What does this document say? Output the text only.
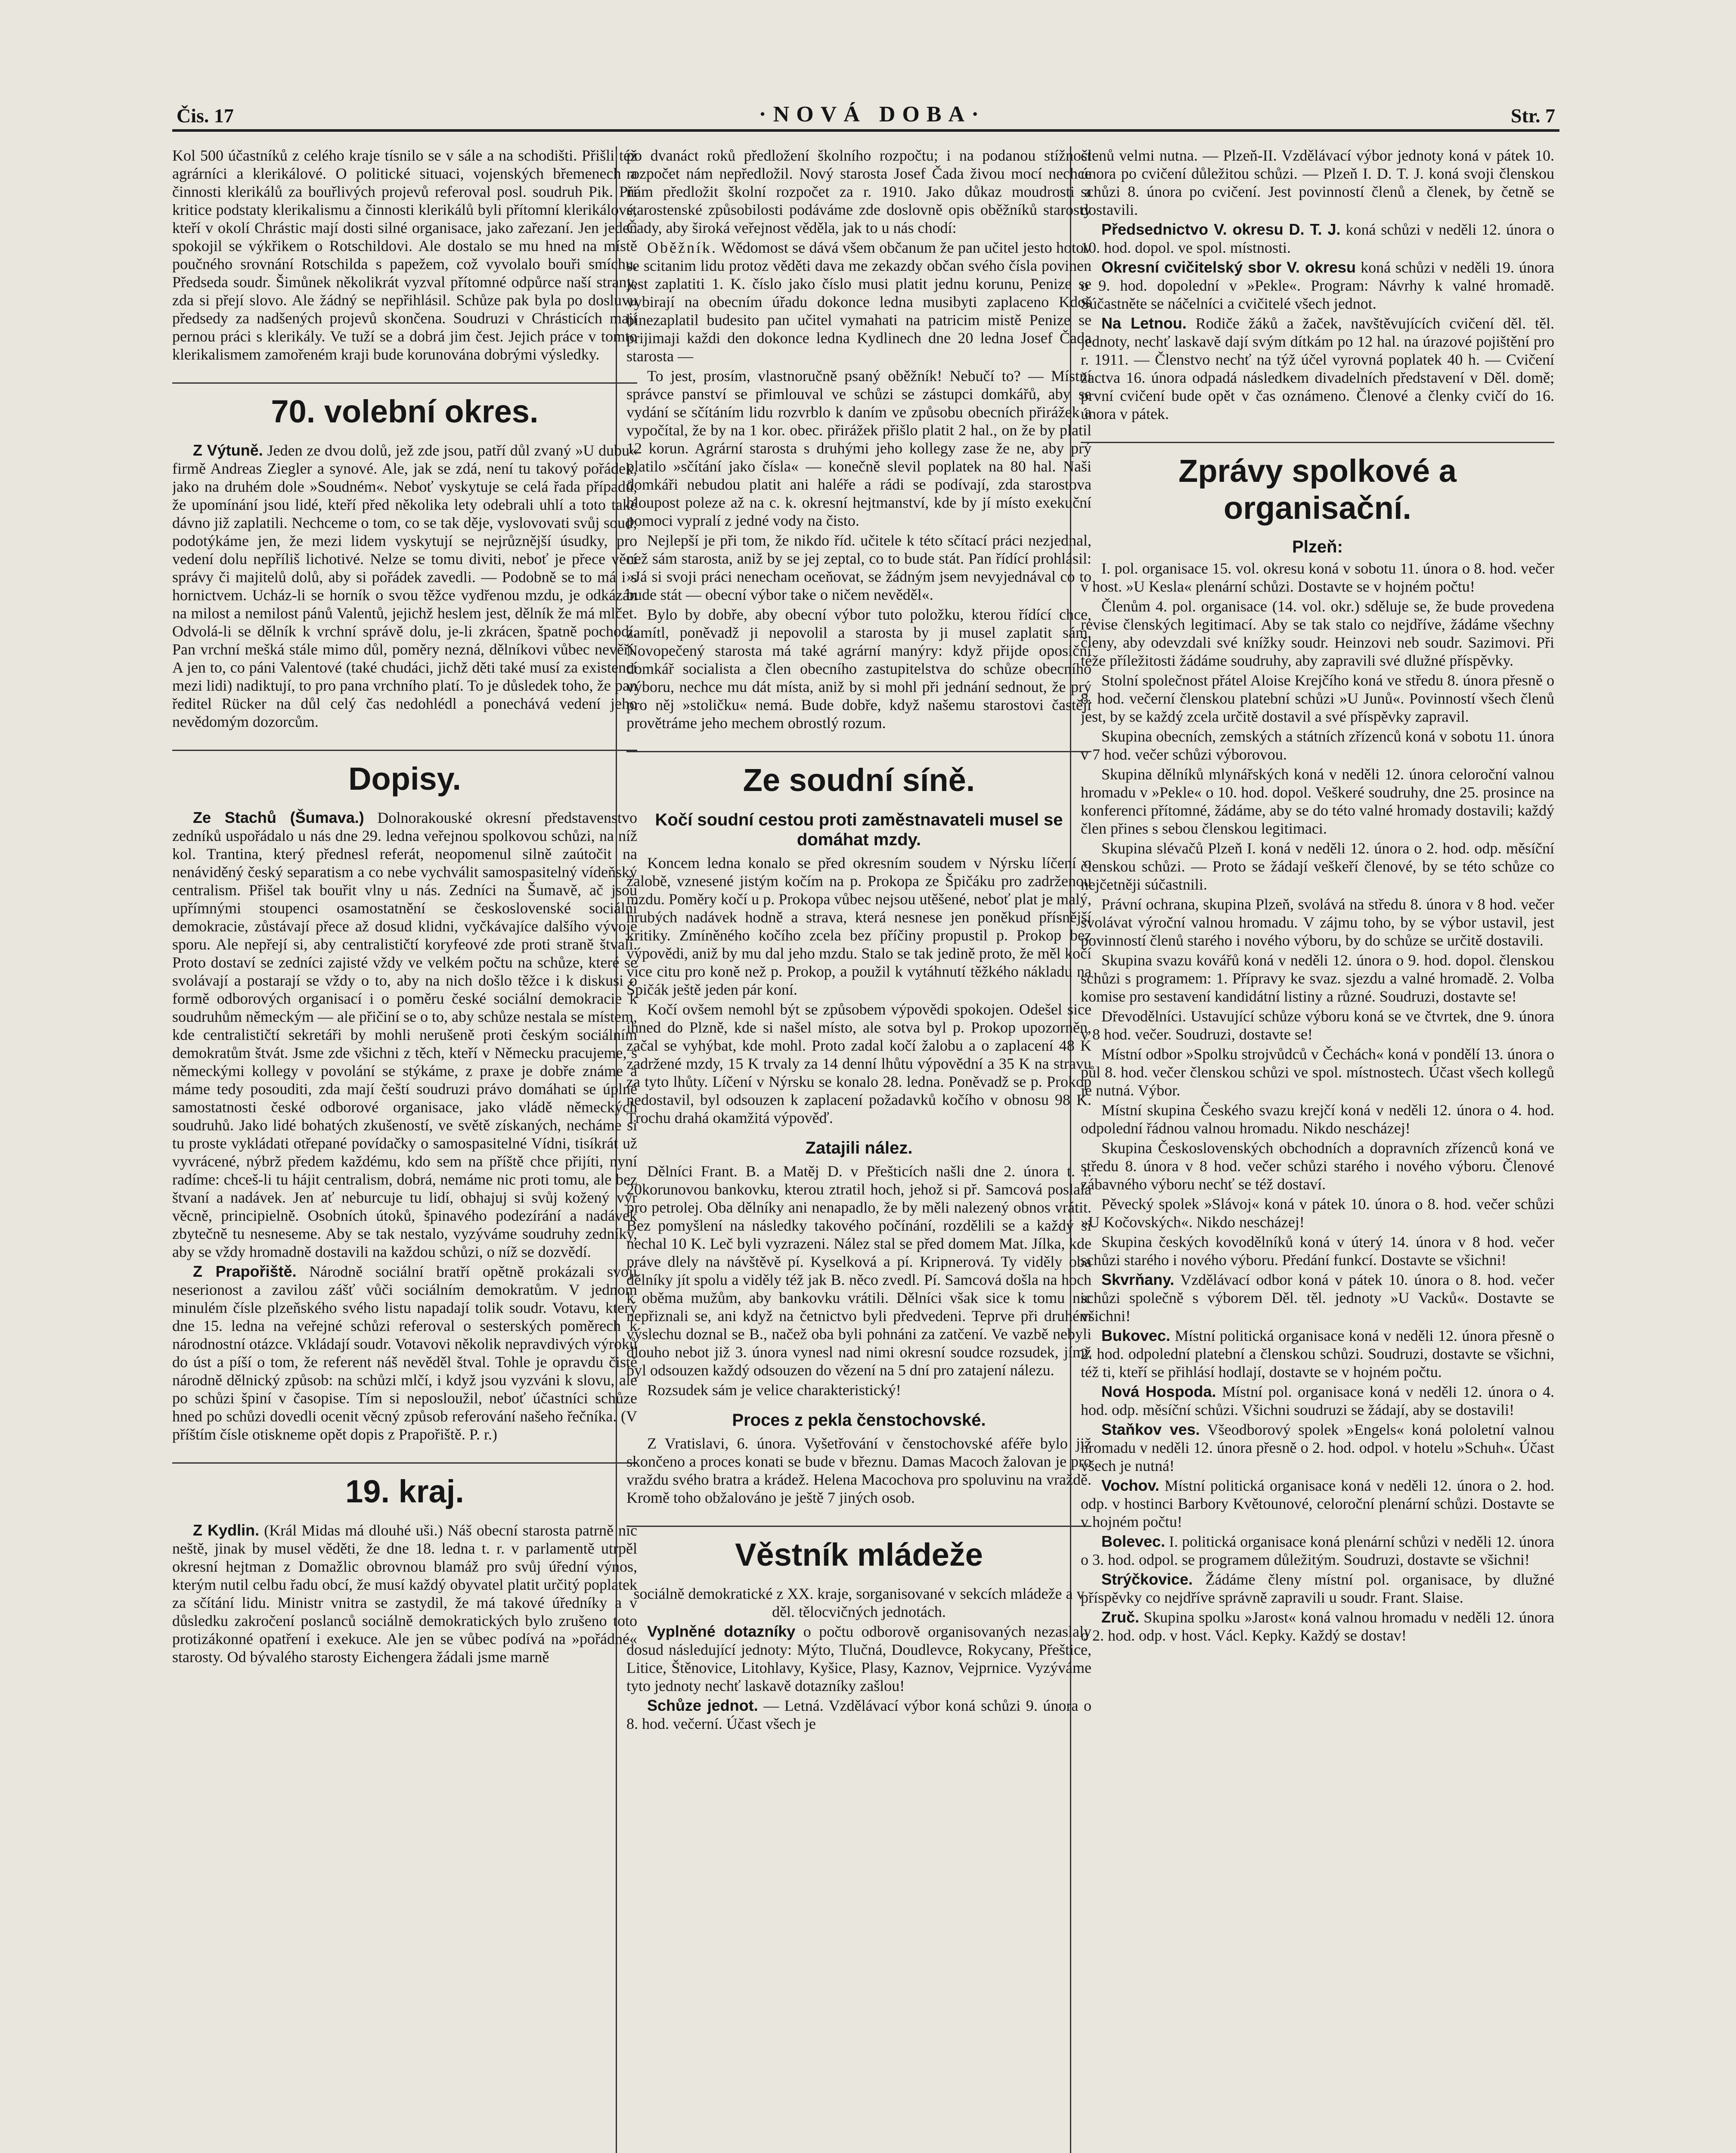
Čis. 17	·NOVÁ DOBA·	Str. 7

Kol 500 účastníků z celého kraje tísnilo se v sále a na schodišti. Přišli též agrárníci a klerikálové. O politické situaci, vojenských břemenech a činnosti klerikálů za bouřlivých projevů referoval posl. soudruh Pik. Při kritice podstaty klerikalismu a činnosti klerikálů byli přítomní klerikálové, kteří v okolí Chrástic mají dosti silné organisace, jako zařezaní. Jen jeden spokojil se výkřikem o Rotschildovi. Ale dostalo se mu hned na místě poučného srovnání Rotschilda s papežem, což vyvolalo bouři smíchu. Předseda soudr. Šimůnek několikrát vyzval přítomné odpůrce naší strany, zda si přejí slovo. Ale žádný se nepřihlásil. Schůze pak byla po dosluvu předsedy za nadšených projevů skončena. Soudruzi v Chrásticích mají pernou práci s klerikály. Ve tuží se a dobrá jim čest. Jejich práce v tomto klerikalismem zamořeném kraji bude korunována dobrými výsledky.

70. volební okres.

Z Výtuně. Jeden ze dvou dolů, jež zde jsou, patří důl zvaný »U dubu« firmě Andreas Ziegler a synové. Ale, jak se zdá, není tu takový pořádek, jako na druhém dole »Soudném«. Neboť vyskytuje se celá řada případů, že upomínání jsou lidé, kteří před několika lety odebrali uhlí a toto také dávno již zaplatili. Nechceme o tom, co se tak děje, vyslovovati svůj soud; podotýkáme jen, že mezi lidem vyskytují se nejrůznější úsudky, pro vedení dolu nepříliš lichotivé. Nelze se tomu diviti, neboť je přece věcí správy či majitelů dolů, aby si pořádek zavedli. — Podobně se to má i s hornictvem. Ucház-li se horník o svou těžce vydřenou mzdu, je odkázán na milost a nemilost pánů Valentů, jejichž heslem jest, dělník že má mlčet. Odvolá-li se dělník k vrchní správě dolu, je-li zkrácen, špatně pochodí. Pan vrchní mešká stále mimo důl, poměry nezná, dělníkovi vůbec nevěří. A jen to, co páni Valentové (také chudáci, jichž děti také musí za existencí mezi lidi) nadiktují, to pro pana vrchního platí. To je důsledek toho, že pan ředitel Rücker na důl celý čas nedohlédl a ponechává vedení jeho nevědomým dozorcům.

Dopisy.

Ze Stachů (Šumava.) Dolnorakouské okresní představenstvo zedníků uspořádalo u nás dne 29. ledna veřejnou spolkovou schůzi, na níž kol. Trantina, který přednesl referát, neopomenul silně zaútočit na nenáviděný český separatism a co nebe vychválit samospasitelný vídeňský centralism. Přišel tak bouřit vlny u nás. Zedníci na Šumavě, ač jsou upřímnými stoupenci osamostatnění se československé sociální demokracie, zůstávají přece až dosud klidni, vyčkávajíce dalšího vývoje sporu. Ale nepřejí si, aby centralističtí koryfeové zde proti straně štvali. Proto dostaví se zedníci zajisté vždy ve velkém počtu na schůze, které se svolávají a postarají se vždy o to, aby na nich došlo těžce i k diskusi o formě odborových organisací i o poměru české sociální demokracie k soudruhům německým — ale přičiní se o to, aby schůze nestala se místem, kde centralističtí sekretáři by mohli nerušeně proti českým sociálním demokratům štvát. Jsme zde všichni z těch, kteří v Německu pracujeme, s německými kollegy v povolání se stýkáme, z praxe je dobře známe a máme tedy posouditi, zda mají čeští soudruzi právo domáhati se úplné samostatnosti české odborové organisace, jako vládě německých soudruhů. Jako lidé bohatých zkušeností, ve světě získaných, necháme si tu proste vykládati otřepané povídačky o samospasitelné Vídni, tisíkrát už vyvrácené, nýbrž předem každému, kdo sem na příště chce přijíti, nyní radíme: chceš-li tu hájit centralism, dobrá, nemáme nic proti tomu, ale bez štvaní a nadávek. Jen ať neburcuje tu lidí, obhajuj si svůj kožený výr věcně, principielně. Osobních útoků, špinavého podezírání a nadávek zbytečně tu nesneseme. Aby se tak nestalo, vyzýváme soudruhy zedníky, aby se vždy hromadně dostavili na každou schůzi, o níž se dozvědí.

Z Prapořiště. Národně sociální bratří opětně prokázali svoji neserionost a zavilou zášť vůči sociálním demokratům. V jednom minulém čísle plzeňského svého listu napadají tolik soudr. Votavu, který dne 15. ledna na veřejné schůzi referoval o sesterských poměrech k národnostní otázce. Vkládají soudr. Votavovi několik nepravdivých výroků do úst a píší o tom, že referent náš nevěděl štval. Tohle je opravdu čistě národně dělnický způsob: na schůzi mlčí, i když jsou vyzváni k slovu, ale po schůzi špiní v časopise. Tím si neposloužil, neboť účastníci schůze hned po schůzi dovedli ocenit věcný způsob referování našeho řečníka. (V příštím čísle otiskneme opět dopis z Prapořiště. P. r.)

19. kraj.

Z Kydlin. (Král Midas má dlouhé uši.) Náš obecní starosta patrně nic neště, jinak by musel věděti, že dne 18. ledna t. r. v parlamentě utrpěl okresní hejtman z Domažlic obrovnou blamáž pro svůj úřední výnos, kterým nutil celbu řadu obcí, že musí každý obyvatel platit určitý poplatek za sčítání lidu. Ministr vnitra se zastydil, že má takové úředníky a v důsledku zakročení poslanců sociálně demokratických bylo zrušeno toto protizákonné opatření i exekuce. Ale jen se vůbec podívá na »pořádné« starosty. Od bývalého starosty Eichengera žádali jsme marně

po dvanáct roků předložení školního rozpočtu; i na podanou stížnost rozpočet nám nepředložil. Nový starosta Josef Čada živou mocí nechce nám předložit školní rozpočet za r. 1910. Jako důkaz moudrosti a starostenské způsobilosti podáváme zde doslovně opis oběžníků starosty Čady, aby široká veřejnost věděla, jak to u nás chodí:

Oběžník. Wědomost se dává všem občanum že pan učitel jesto hotov se scitanim lidu protoz věděti dava me zekazdy občan svého čísla povinen jest zaplatiti 1. K. číslo jako číslo musi platit jednu korunu, Penize se vybirají na obecním úřadu dokonce ledna musibyti zaplaceno Kdoš binezaplatil budesito pan učitel vymahati na patricim mistě Penize se prijimaji každi den dokonce ledna Kydlinech dne 20 ledna Josef Čada starosta —

To jest, prosím, vlastnoručně psaný oběžník! Nebučí to? — Místní správce panství se přimlouval ve schůzi se zástupci domkářů, aby se vydání se sčítáním lidu rozvrblo k daním ve způsobu obecních přirážek a vypočítal, že by na 1 kor. obec. přirážek přišlo platit 2 hal., on že by platil 12 korun. Agrární starosta s druhými jeho kollegy zase že ne, aby prý platilo »sčítání jako čísla« — konečně slevil poplatek na 80 hal. Naši domkáři nebudou platit ani haléře a rádi se podívají, zda starostova bloupost poleze až na c. k. okresní hejtmanství, kde by jí místo exekuční pomoci vypralí z jedné vody na čisto.

Nejlepší je při tom, že nikdo říd. učitele k této sčítací práci nezjednal, než sám starosta, aniž by se jej zeptal, co to bude stát. Pan řídící prohlásil: »Já si svoji práci nenecham oceňovat, se žádným jsem nevyjednával co to bude stát — obecní výbor take o ničem nevěděl«.

Bylo by dobře, aby obecní výbor tuto položku, kterou řídící chce, zamítl, poněvadž ji nepovolil a starosta by ji musel zaplatit sám. Novopečený starosta má také agrární manýry: když přijde oposiční domkář socialista a člen obecního zastupitelstva do schůze obecního výboru, nechce mu dát místa, aniž by si mohl při jednání sednout, že prý pro něj »stoličku« nemá. Bude dobře, když našemu starostovi častěji provětráme jeho mechem obrostlý rozum.

Ze soudní síně.
Kočí soudní cestou proti zaměstnavateli musel se domáhat mzdy.

Koncem ledna konalo se před okresním soudem v Nýrsku líčení o žalobě, vznesené jistým kočím na p. Prokopa ze Špičáku pro zadrženou mzdu. Poměry kočí u p. Prokopa vůbec nejsou utěšené, neboť plat je malý, hrubých nadávek hodně a strava, která nesnese jen poněkud přísnější kritiky. Zmíněného kočího zcela bez příčiny propustil p. Prokop bez výpovědi, aniž by mu dal jeho mzdu. Stalo se tak jedině proto, že měl kočí více citu pro koně než p. Prokop, a použil k vytáhnutí těžkého nákladu na Špičák ještě jeden pár koní.

Kočí ovšem nemohl být se způsobem výpovědi spokojen. Odešel sice ihned do Plzně, kde si našel místo, ale sotva byl p. Prokop upozorněn, začal se vyhýbat, kde mohl. Proto zadal kočí žalobu a o zaplacení 48 K zadržené mzdy, 15 K trvaly za 14 denní lhůtu výpovědní a 35 K na stravu za tyto lhůty. Líčení v Nýrsku se konalo 28. ledna. Poněvadž se p. Prokop nedostavil, byl odsouzen k zaplacení požadavků kočího v obnosu 98 K. Trochu drahá okamžitá výpověď.

Zatajili nález.

Dělníci Frant. B. a Matěj D. v Přešticích našli dne 2. února t. r. 20korunovou bankovku, kterou ztratil hoch, jehož si př. Samcová poslala pro petrolej. Oba dělníky ani nenapadlo, že by měli nalezený obnos vrátit. Bez pomyšlení na následky takového počínání, rozdělili se a každý si nechal 10 K. Leč byli vyzrazeni. Nález stal se před domem Mat. Jílka, kde práve dlely na návštěvě pí. Kyselková a pí. Kripnerová. Ty viděly oba dělníky jít spolu a viděly též jak B. něco zvedl. Pí. Samcová došla na hoch k oběma mužům, aby bankovku vrátili. Dělníci však sice k tomu nic nepřiznali se, ani když na četnictvo byli předvedeni. Teprve při druhém výslechu doznal se B., načež oba byli pohnáni za zatčení. Ve vazbě nebyli dlouho nebot již 3. února vynesl nad nimi okresní soudce rozsudek, jímž byl odsouzen každý odsouzen do vězení na 5 dní pro zatajení nálezu.

Rozsudek sám je velice charakteristický!

Proces z pekla čenstochovské.

Z Vratislavi, 6. února. Vyšetřování v čenstochovské aféře bylo již skončeno a proces konati se bude v březnu. Damas Macoch žalovan je pro vraždu svého bratra a krádež. Helena Macochova pro spoluvinu na vraždě. Kromě toho obžalováno je ještě 7 jiných osob.

Věstník mládeže

sociálně demokratické z XX. kraje, sorganisované v sekcích mládeže a v děl. tělocvičných jednotách.

Vyplněné dotazníky o počtu odborově organisovaných nezaslaly dosud následující jednoty: Mýto, Tlučná, Doudlevce, Rokycany, Přeštice, Litice, Štěnovice, Litohlavy, Kyšice, Plasy, Kaznov, Vejprnice. Vyzýváme tyto jednoty nechť laskavě dotazníky zašlou!

Schůze jednot. — Letná. Vzdělávací výbor koná schůzi 9. února o 8. hod. večerní. Účast všech je

členů velmi nutna. — Plzeň-II. Vzdělávací výbor jednoty koná v pátek 10. února po cvičení důležitou schůzi. — Plzeň I. D. T. J. koná svoji členskou schůzi 8. února po cvičení. Jest povinností členů a členek, by četně se dostavili.

Předsednictvo V. okresu D. T. J. koná schůzi v neděli 12. února o 10. hod. dopol. ve spol. místnosti.

Okresní cvičitelský sbor V. okresu koná schůzi v neděli 19. února o 9. hod. dopolední v »Pekle«. Program: Návrhy k valné hromadě. Súčastněte se náčelníci a cvičitelé všech jednot.

Na Letnou. Rodiče žáků a žaček, navštěvujících cvičení děl. těl. jednoty, nechť laskavě dají svým dítkám po 12 hal. na úrazové pojištění pro r. 1911. — Členstvo nechť na týž účel vyrovná poplatek 40 h. — Cvičení žactva 16. února odpadá následkem divadelních představení v Děl. domě; první cvičení bude opět v čas oznámeno. Členové a členky cvičí do 16. února v pátek.

Zprávy spolkové a organisační.
Plzeň:

I. pol. organisace 15. vol. okresu koná v sobotu 11. února o 8. hod. večer v host. »U Kesla« plenární schůzi. Dostavte se v hojném počtu!

Členům 4. pol. organisace (14. vol. okr.) sděluje se, že bude provedena revise členských legitimací. Aby se tak stalo co nejdříve, žádáme všechny členy, aby odevzdali své knížky soudr. Heinzovi neb soudr. Sazimovi. Při téže příležitosti žádáme soudruhy, aby zapravili své dlužné příspěvky.

Stolní společnost přátel Aloise Krejčího koná ve středu 8. února přesně o 8. hod. večerní členskou platební schůzi »U Junů«. Povinností všech členů jest, by se každý zcela určitě dostavil a své příspěvky zapravil.

Skupina obecních, zemských a státních zřízenců koná v sobotu 11. února v 7 hod. večer schůzi výborovou.

Skupina dělníků mlynářských koná v neděli 12. února celoroční valnou hromadu v »Pekle« o 10. hod. dopol. Veškeré soudruhy, dne 25. prosince na konferenci přítomné, žádáme, aby se do této valné hromady dostavili; každý člen přines s sebou členskou legitimaci.

Skupina slévačů Plzeň I. koná v neděli 12. února o 2. hod. odp. měsíční členskou schůzi. — Proto se žádají veškeří členové, by se této schůze co nejčetněji súčastnili.

Právní ochrana, skupina Plzeň, svolává na středu 8. února v 8 hod. večer svolávat výroční valnou hromadu. V zájmu toho, by se výbor ustavil, jest povinností členů starého i nového výboru, by do schůze se určitě dostavili.

Skupina svazu kovářů koná v neděli 12. února o 9. hod. dopol. členskou schůzi s programem: 1. Přípravy ke svaz. sjezdu a valné hromadě. 2. Volba komise pro sestavení kandidátní listiny a různé. Soudruzi, dostavte se!

Dřevodělníci. Ustavující schůze výboru koná se ve čtvrtek, dne 9. února v 8 hod. večer. Soudruzi, dostavte se!

Místní odbor »Spolku strojvůdců v Čechách« koná v pondělí 13. února o půl 8. hod. večer členskou schůzi ve spol. místnostech. Účast všech kollegů je nutná. Výbor.

Místní skupina Českého svazu krejčí koná v neděli 12. února o 4. hod. odpolední řádnou valnou hromadu. Nikdo nescházej!

Skupina Československých obchodních a dopravních zřízenců koná ve středu 8. února v 8 hod. večer schůzi starého i nového výboru. Členové zábavného výboru nechť se též dostaví.

Pěvecký spolek »Slávoj« koná v pátek 10. února o 8. hod. večer schůzi »U Kočovských«. Nikdo nescházej!

Skupina českých kovodělníků koná v úterý 14. února v 8 hod. večer schůzi starého i nového výboru. Předání funkcí. Dostavte se všichni!

Skvrňany. Vzdělávací odbor koná v pátek 10. února o 8. hod. večer schůzi společně s výborem Děl. těl. jednoty »U Vacků«. Dostavte se všichni!

Bukovec. Místní politická organisace koná v neděli 12. února přesně o 2. hod. odpolední platební a členskou schůzi. Soudruzi, dostavte se všichni, též ti, kteří se přihlásí hodlají, dostavte se v hojném počtu.

Nová Hospoda. Místní pol. organisace koná v neděli 12. února o 4. hod. odp. měsíční schůzi. Všichni soudruzi se žádají, aby se dostavili!

Staňkov ves. Všeodborový spolek »Engels« koná pololetní valnou hromadu v neděli 12. února přesně o 2. hod. odpol. v hotelu »Schuh«. Účast všech je nutná!

Vochov. Místní politická organisace koná v neděli 12. února o 2. hod. odp. v hostinci Barbory Květounové, celoroční plenární schůzi. Dostavte se v hojném počtu!

Bolevec. I. politická organisace koná plenární schůzi v neděli 12. února o 3. hod. odpol. se programem důležitým. Soudruzi, dostavte se všichni!

Strýčkovice. Žádáme členy místní pol. organisace, by dlužné příspěvky co nejdříve správně zapravili u soudr. Frant. Slaise.

Zruč. Skupina spolku »Jarost« koná valnou hromadu v neděli 12. února o 2. hod. odp. v host. Václ. Kepky. Každý se dostav!
